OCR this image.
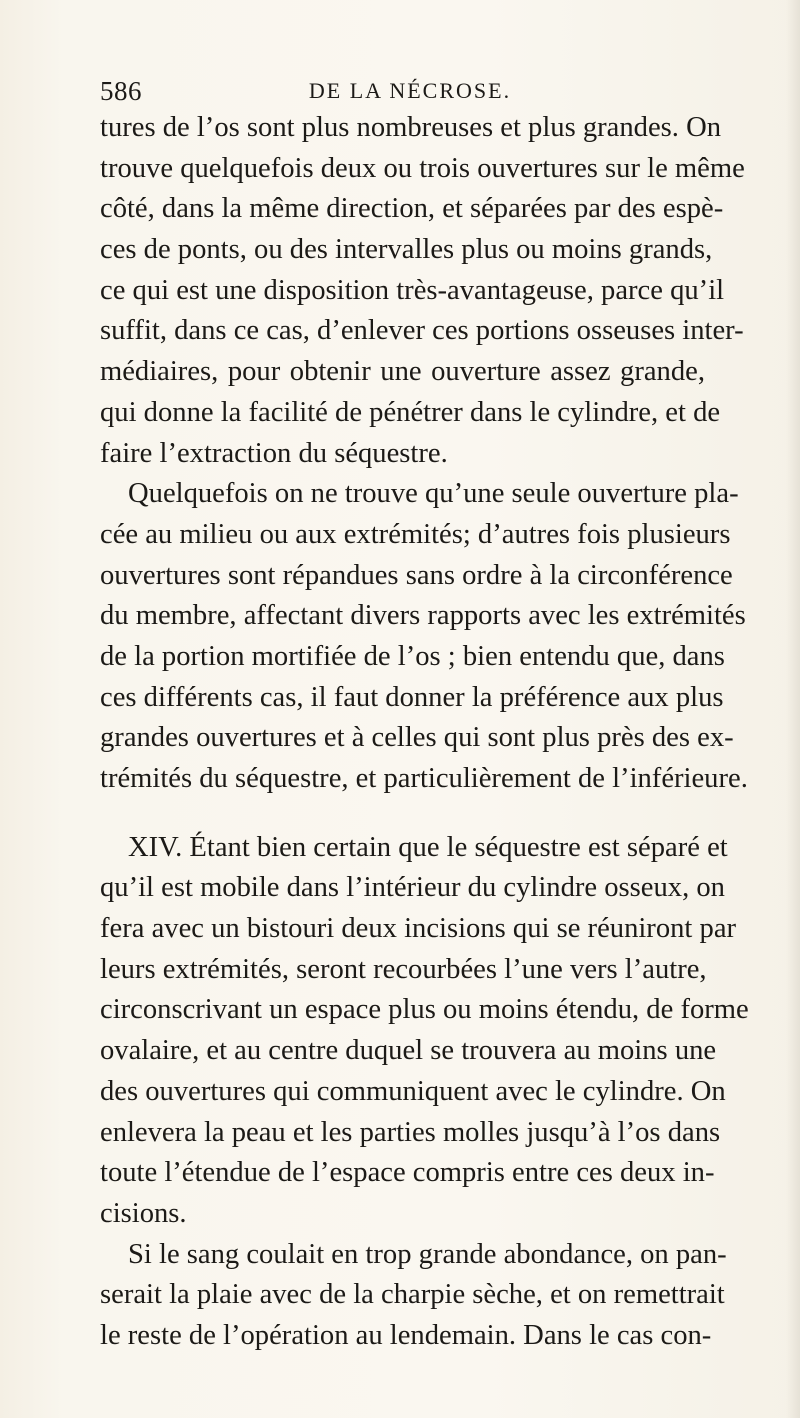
586	DE LA NÉCROSE.
tures de l’os sont plus nombreuses et plus grandes. On
trouve quelquefois deux ou trois ouvertures sur le même
côté, dans la même direction, et séparées par des espè-
ces de ponts, ou des intervalles plus ou moins grands,
ce qui est une disposition très-avantageuse, parce qu’il
suffit, dans ce cas, d’enlever ces portions osseuses inter-
médiaires, pour obtenir une ouverture assez grande,
qui donne la facilité de pénétrer dans le cylindre, et de
faire l’extraction du séquestre.
Quelquefois on ne trouve qu’une seule ouverture pla-
cée au milieu ou aux extrémités; d’autres fois plusieurs
ouvertures sont répandues sans ordre à la circonférence
du membre, affectant divers rapports avec les extrémités
de la portion mortifiée de l’os ; bien entendu que, dans
ces différents cas, il faut donner la préférence aux plus
grandes ouvertures et à celles qui sont plus près des ex-
trémités du séquestre, et particulièrement de l’inférieure.
XIV. Étant bien certain que le séquestre est séparé et
qu’il est mobile dans l’intérieur du cylindre osseux, on
fera avec un bistouri deux incisions qui se réuniront par
leurs extrémités, seront recourbées l’une vers l’autre,
circonscrivant un espace plus ou moins étendu, de forme
ovalaire, et au centre duquel se trouvera au moins une
des ouvertures qui communiquent avec le cylindre. On
enlevera la peau et les parties molles jusqu’à l’os dans
toute l’étendue de l’espace compris entre ces deux in-
cisions.
Si le sang coulait en trop grande abondance, on pan-
serait la plaie avec de la charpie sèche, et on remettrait
le reste de l’opération au lendemain. Dans le cas con-
